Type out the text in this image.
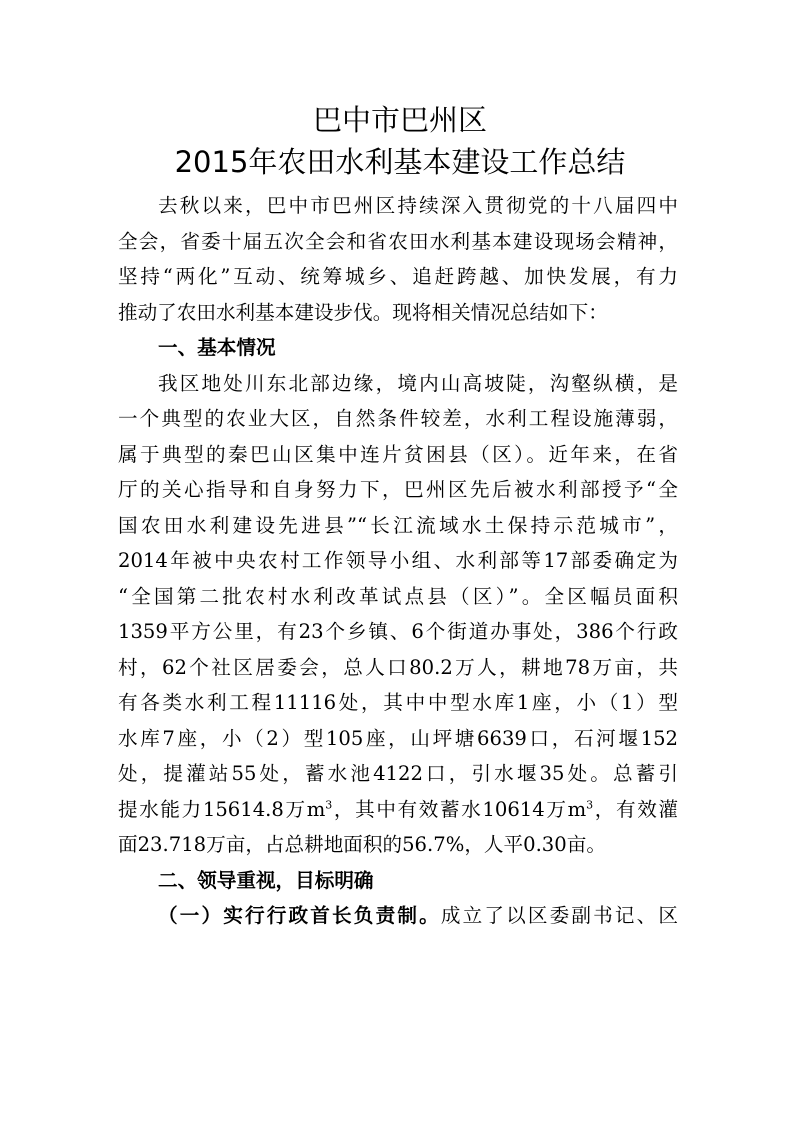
巴中市巴州区
2015年农田水利基本建设工作总结
去秋以来，巴中市巴州区持续深入贯彻党的十八届四中
全会，省委十届五次全会和省农田水利基本建设现场会精神，
坚持“两化”互动、统筹城乡、追赶跨越、加快发展，有力
推动了农田水利基本建设步伐。现将相关情况总结如下：
一、基本情况
我区地处川东北部边缘，境内山高坡陡，沟壑纵横，是
一个典型的农业大区，自然条件较差，水利工程设施薄弱，
属于典型的秦巴山区集中连片贫困县（区）。近年来，在省
厅的关心指导和自身努力下，巴州区先后被水利部授予“全
国农田水利建设先进县”“长江流域水土保持示范城市”，
2014年被中央农村工作领导小组、水利部等17部委确定为
“全国第二批农村水利改革试点县（区）”。全区幅员面积
1359平方公里，有23个乡镇、6个街道办事处，386个行政
村，62个社区居委会，总人口80.2万人，耕地78万亩，共
有各类水利工程11116处，其中中型水库1座，小（1）型
水库7座，小（2）型105座，山坪塘6639口，石河堰152
处，提灌站55处，蓄水池4122口，引水堰35处。总蓄引
提水能力15614.8万$m^3$，其中有效蓄水10614万$m^3$，有效灌
面23.718万亩，占总耕地面积的56.7%，人平0.30亩。
二、领导重视，目标明确
（一）实行行政首长负责制。成立了以区委副书记、区
